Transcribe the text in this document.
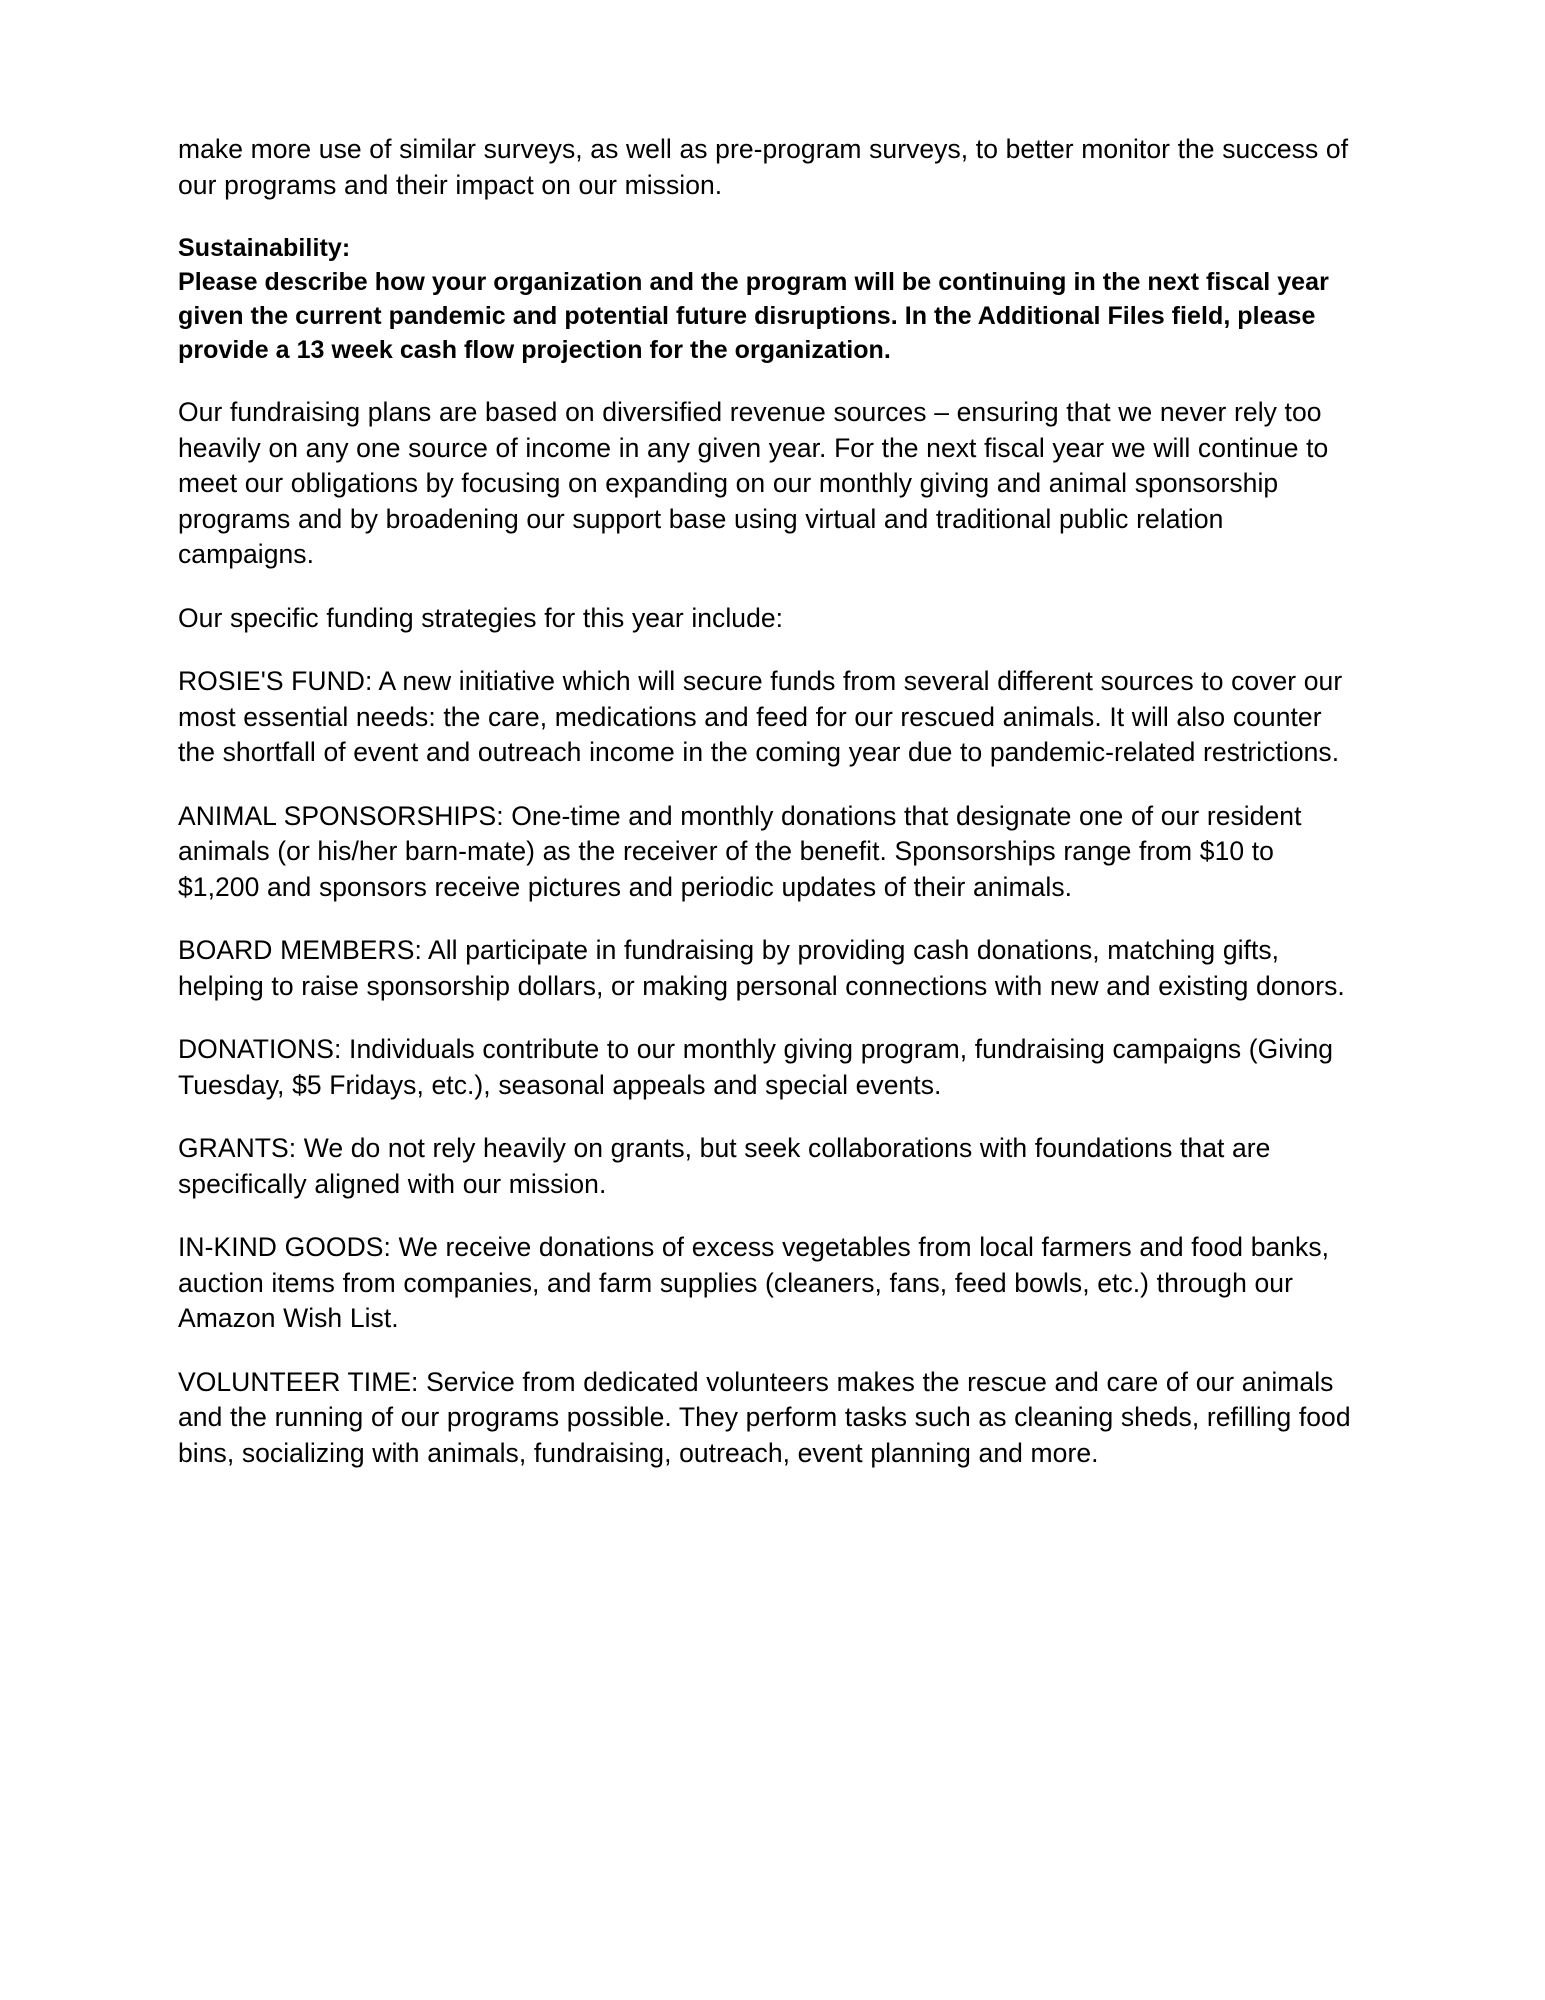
make more use of similar surveys, as well as pre-program surveys, to better monitor the success of our programs and their impact on our mission.

Sustainability:

Please describe how your organization and the program will be continuing in the next fiscal year given the current pandemic and potential future disruptions. In the Additional Files field, please provide a 13 week cash flow projection for the organization.

Our fundraising plans are based on diversified revenue sources – ensuring that we never rely too heavily on any one source of income in any given year. For the next fiscal year we will continue to meet our obligations by focusing on expanding on our monthly giving and animal sponsorship programs and by broadening our support base using virtual and traditional public relation campaigns.

Our specific funding strategies for this year include:

ROSIE'S FUND: A new initiative which will secure funds from several different sources to cover our most essential needs: the care, medications and feed for our rescued animals. It will also counter the shortfall of event and outreach income in the coming year due to pandemic-related restrictions.

ANIMAL SPONSORSHIPS: One-time and monthly donations that designate one of our resident animals (or his/her barn-mate) as the receiver of the benefit. Sponsorships range from $10 to $1,200 and sponsors receive pictures and periodic updates of their animals.

BOARD MEMBERS: All participate in fundraising by providing cash donations, matching gifts, helping to raise sponsorship dollars, or making personal connections with new and existing donors.

DONATIONS: Individuals contribute to our monthly giving program, fundraising campaigns (Giving Tuesday, $5 Fridays, etc.), seasonal appeals and special events.

GRANTS: We do not rely heavily on grants, but seek collaborations with foundations that are specifically aligned with our mission.

IN-KIND GOODS: We receive donations of excess vegetables from local farmers and food banks, auction items from companies, and farm supplies (cleaners, fans, feed bowls, etc.) through our Amazon Wish List.

VOLUNTEER TIME: Service from dedicated volunteers makes the rescue and care of our animals and the running of our programs possible. They perform tasks such as cleaning sheds, refilling food bins, socializing with animals, fundraising, outreach, event planning and more.
